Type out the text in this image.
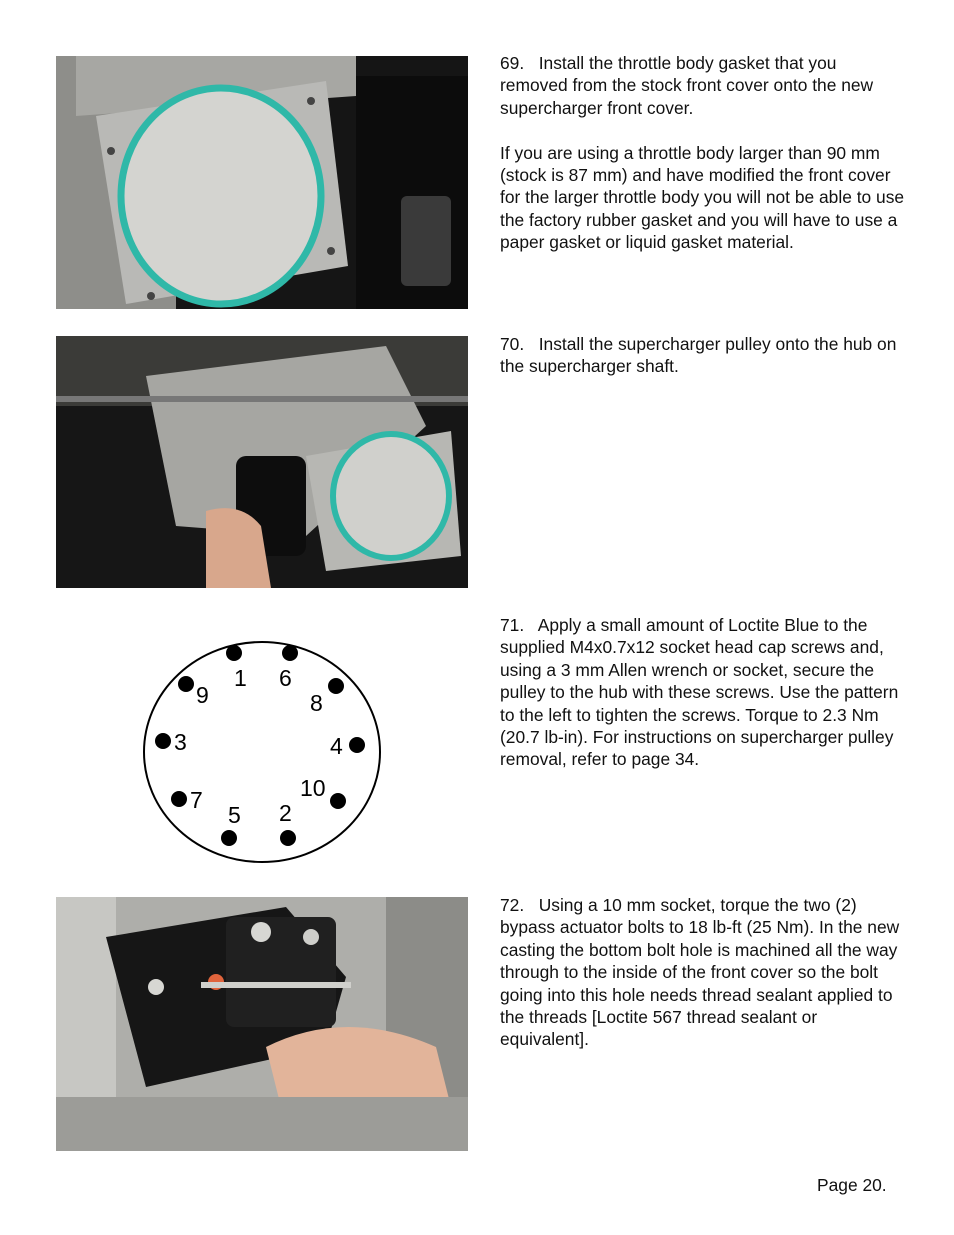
1
2
3	4
5
6
7
8
9
10

69. Install the throttle body gasket that you removed from the stock front cover onto the new supercharger front cover.

If you are using a throttle body larger than 90 mm (stock is 87 mm) and have modified the front cover for the larger throttle body you will not be able to use the factory rubber gasket and you will have to use a paper gasket or liquid gasket material.

70. Install the supercharger pulley onto the hub on the supercharger shaft.

71. Apply a small amount of Loctite Blue to the supplied M4x0.7x12 socket head cap screws and, using a 3 mm Allen wrench or socket, secure the pulley to the hub with these screws. Use the pattern to the left to tighten the screws. Torque to 2.3 Nm (20.7 lb-in). For instructions on supercharger pulley removal, refer to page 34.

72. Using a 10 mm socket, torque the two (2) bypass actuator bolts to 18 lb-ft (25 Nm). In the new casting the bottom bolt hole is machined all the way through to the inside of the front cover so the bolt going into this hole needs thread sealant applied to the threads [Loctite 567 thread sealant or equivalent].

Page 20.
